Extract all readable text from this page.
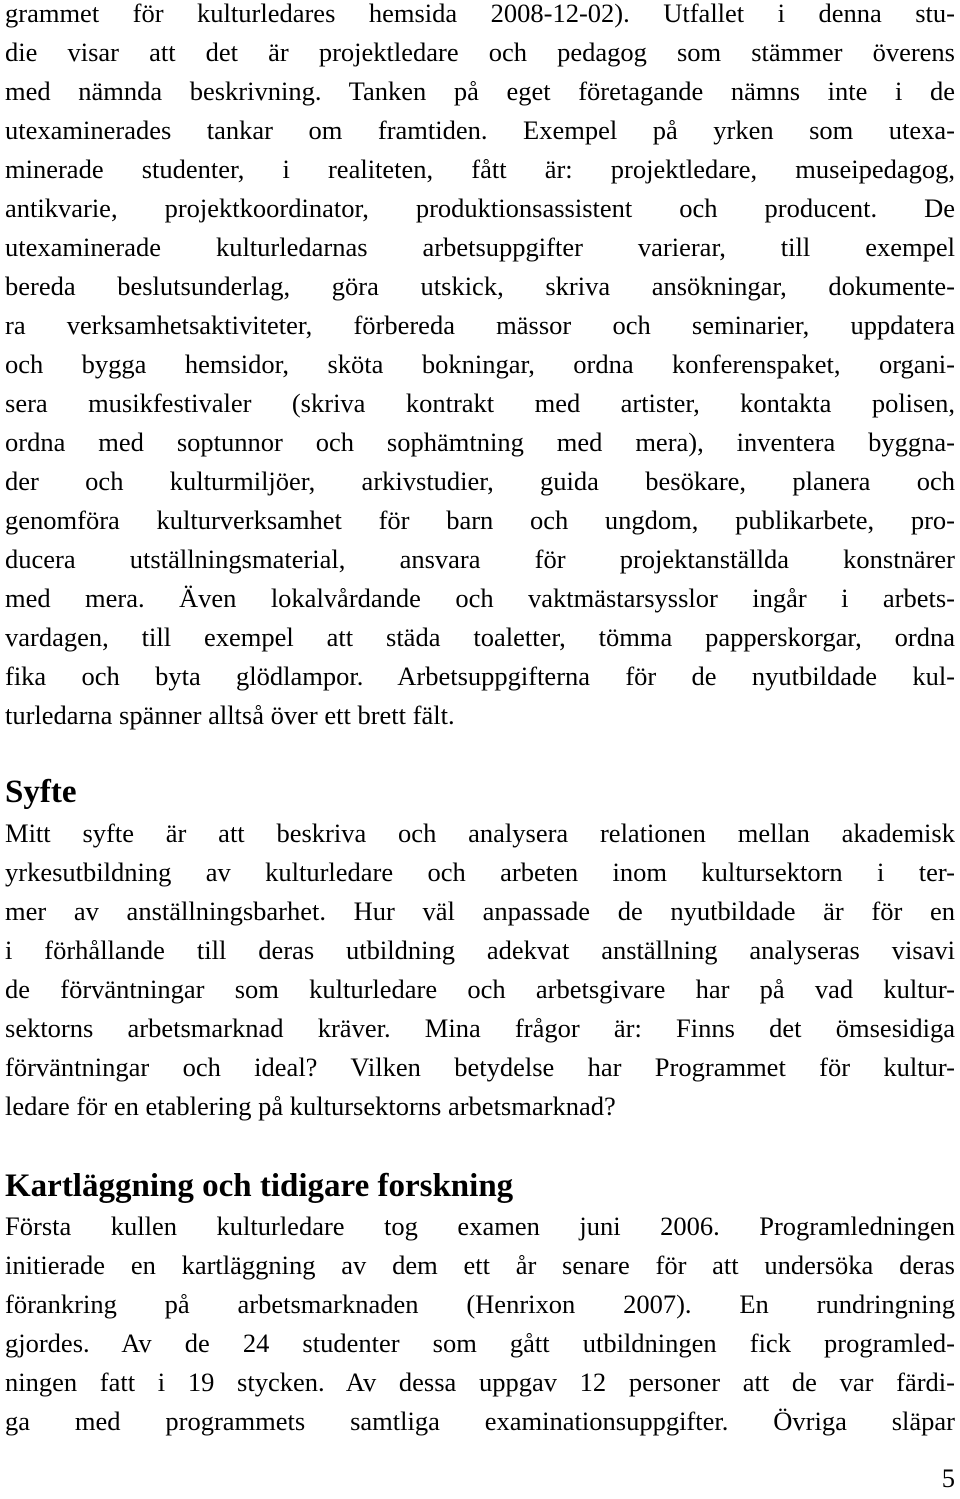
grammet för kulturledares hemsida 2008-12-02). Utfallet i denna stu-
die visar att det är projektledare och pedagog som stämmer överens
med nämnda beskrivning. Tanken på eget företagande nämns inte i de
utexaminerades tankar om framtiden. Exempel på yrken som utexa-
minerade studenter, i realiteten, fått är: projektledare, museipedagog,
antikvarie, projektkoordinator, produktionsassistent och producent. De
utexaminerade kulturledarnas arbetsuppgifter varierar, till exempel
bereda beslutsunderlag, göra utskick, skriva ansökningar, dokumente-
ra verksamhetsaktiviteter, förbereda mässor och seminarier, uppdatera
och bygga hemsidor, sköta bokningar, ordna konferenspaket, organi-
sera musikfestivaler (skriva kontrakt med artister, kontakta polisen,
ordna med soptunnor och sophämtning med mera), inventera byggna-
der och kulturmiljöer, arkivstudier, guida besökare, planera och
genomföra kulturverksamhet för barn och ungdom, publikarbete, pro-
ducera utställningsmaterial, ansvara för projektanställda konstnärer
med mera. Även lokalvårdande och vaktmästarsysslor ingår i arbets-
vardagen, till exempel att städa toaletter, tömma papperskorgar, ordna
fika och byta glödlampor. Arbetsuppgifterna för de nyutbildade kul-
turledarna spänner alltså över ett brett fält.
Syfte
Mitt syfte är att beskriva och analysera relationen mellan akademisk
yrkesutbildning av kulturledare och arbeten inom kultursektorn i ter-
mer av anställningsbarhet. Hur väl anpassade de nyutbildade är för en
i förhållande till deras utbildning adekvat anställning analyseras visavi
de förväntningar som kulturledare och arbetsgivare har på vad kultur-
sektorns arbetsmarknad kräver. Mina frågor är: Finns det ömsesidiga
förväntningar och ideal? Vilken betydelse har Programmet för kultur-
ledare för en etablering på kultursektorns arbetsmarknad?
Kartläggning och tidigare forskning
Första kullen kulturledare tog examen juni 2006. Programledningen
initierade en kartläggning av dem ett år senare för att undersöka deras
förankring på arbetsmarknaden (Henrixon 2007). En rundringning
gjordes. Av de 24 studenter som gått utbildningen fick programled-
ningen fatt i 19 stycken. Av dessa uppgav 12 personer att de var färdi-
ga med programmets samtliga examinationsuppgifter. Övriga släpar
5
